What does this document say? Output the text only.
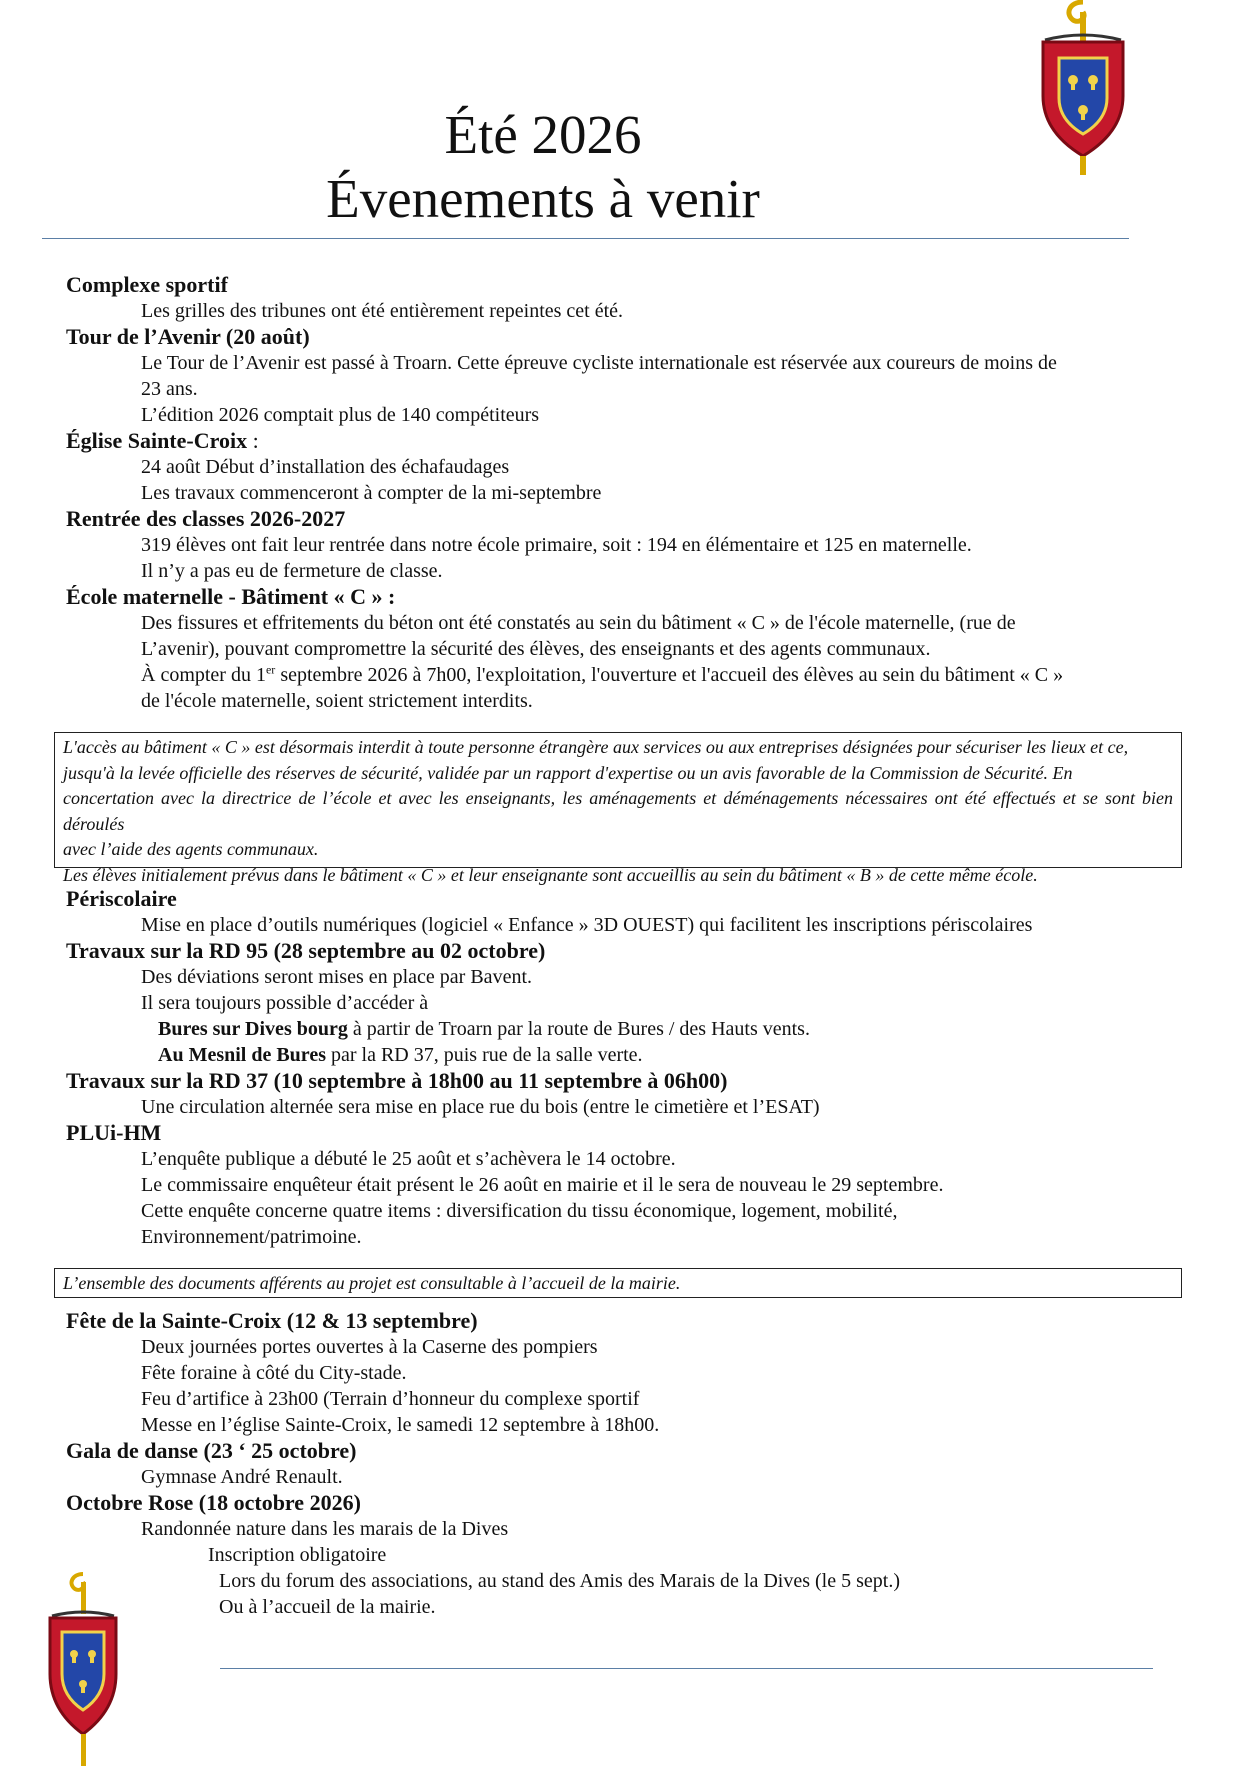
Été 2026
Évenements à venir
Complexe sportif
Les grilles des tribunes ont été entièrement repeintes cet été.
Tour de l’Avenir (20 août)
Le Tour de l’Avenir est passé à Troarn. Cette épreuve cycliste internationale est réservée aux coureurs de moins de
23 ans.
L’édition 2026 comptait plus de 140 compétiteurs
Église Sainte-Croix :
24 août Début d’installation des échafaudages
Les travaux commenceront à compter de la mi-septembre
Rentrée des classes 2026-2027
319 élèves ont fait leur rentrée dans notre école primaire, soit : 194 en élémentaire et 125 en maternelle.
Il n’y a pas eu de fermeture de classe.
École maternelle - Bâtiment « C » :
Des fissures et effritements du béton ont été constatés au sein du bâtiment « C » de l'école maternelle, (rue de
L’avenir), pouvant compromettre la sécurité des élèves, des enseignants et des agents communaux.
À compter du 1er septembre 2026 à 7h00, l'exploitation, l'ouverture et l'accueil des élèves au sein du bâtiment « C »
de l'école maternelle, soient strictement interdits.
Périscolaire
Mise en place d’outils numériques (logiciel « Enfance » 3D OUEST) qui facilitent les inscriptions périscolaires
Travaux sur la RD 95 (28 septembre au 02 octobre)
Des déviations seront mises en place par Bavent.
Il sera toujours possible d’accéder à
Bures sur Dives bourg à partir de Troarn par la route de Bures / des Hauts vents.
Au Mesnil de Bures par la RD 37, puis rue de la salle verte.
Travaux sur la RD 37 (10 septembre à 18h00 au 11 septembre à 06h00)
Une circulation alternée sera mise en place rue du bois (entre le cimetière et l’ESAT)
PLUi-HM
L’enquête publique a débuté le 25 août et s’achèvera le 14 octobre.
Le commissaire enquêteur était présent le 26 août en mairie et il le sera de nouveau le 29 septembre.
Cette enquête concerne quatre items : diversification du tissu économique, logement, mobilité,
Environnement/patrimoine.
Fête de la Sainte-Croix (12 & 13 septembre)
Deux journées portes ouvertes à la Caserne des pompiers
Fête foraine à côté du City-stade.
Feu d’artifice à 23h00 (Terrain d’honneur du complexe sportif
Messe en l’église Sainte-Croix, le samedi 12 septembre à 18h00.
Gala de danse (23 ‘ 25 octobre)
Gymnase André Renault.
Octobre Rose (18 octobre 2026)
Randonnée nature dans les marais de la Dives
Inscription obligatoire
Lors du forum des associations, au stand des Amis des Marais de la Dives (le 5 sept.)
Ou à l’accueil de la mairie.
L'accès au bâtiment « C » est désormais interdit à toute personne étrangère aux services ou aux entreprises désignées pour sécuriser les lieux et ce,
jusqu'à la levée officielle des réserves de sécurité, validée par un rapport d'expertise ou un avis favorable de la Commission de Sécurité. En
concertation avec la directrice de l’école et avec les enseignants, les aménagements et déménagements nécessaires ont été effectués et se sont bien déroulés
avec l’aide des agents communaux.
Les élèves initialement prévus dans le bâtiment « C » et leur enseignante sont accueillis au sein du bâtiment « B » de cette même école.
L’ensemble des documents afférents au projet est consultable à l’accueil de la mairie.
